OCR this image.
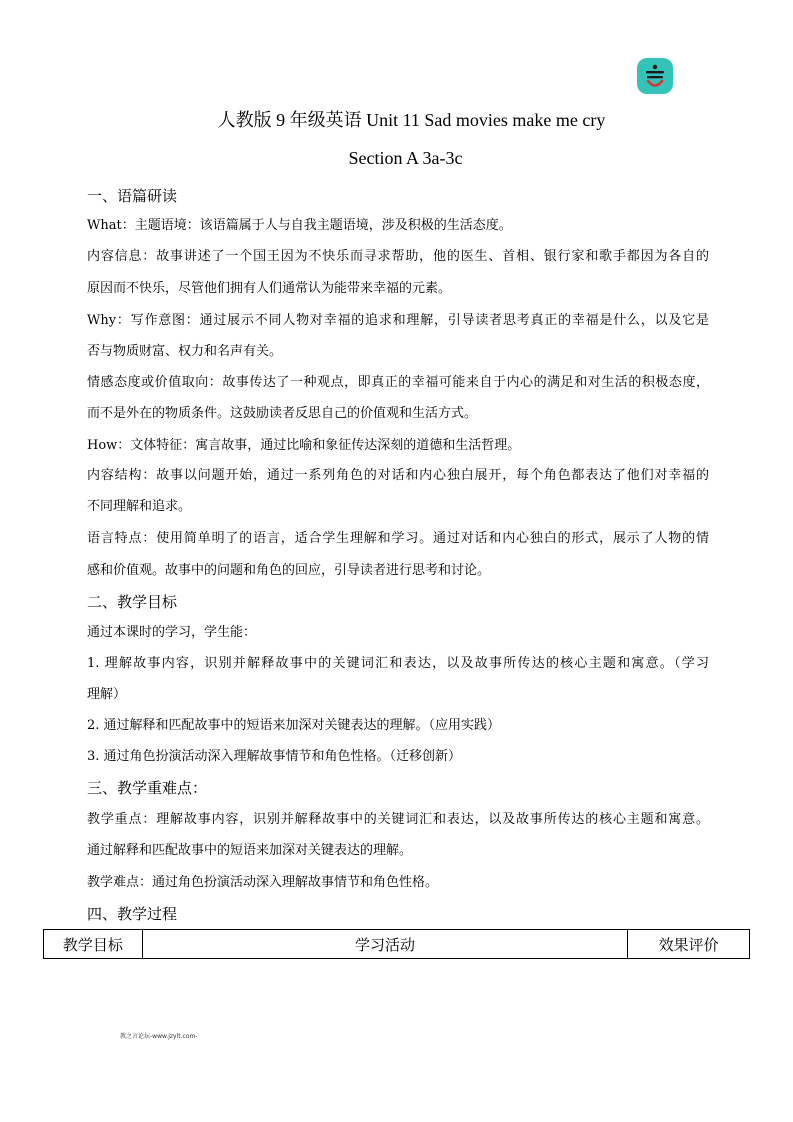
人教版 9 年级英语 Unit 11 Sad movies make me cry
Section A 3a-3c
一、语篇研读
What：主题语境：该语篇属于人与自我主题语境，涉及积极的生活态度。
内容信息：故事讲述了一个国王因为不快乐而寻求帮助，他的医生、首相、银行家和歌手都因为各自的
原因而不快乐，尽管他们拥有人们通常认为能带来幸福的元素。
Why：写作意图：通过展示不同人物对幸福的追求和理解，引导读者思考真正的幸福是什么，以及它是
否与物质财富、权力和名声有关。
情感态度或价值取向：故事传达了一种观点，即真正的幸福可能来自于内心的满足和对生活的积极态度，
而不是外在的物质条件。这鼓励读者反思自己的价值观和生活方式。
How：文体特征：寓言故事，通过比喻和象征传达深刻的道德和生活哲理。
内容结构：故事以问题开始，通过一系列角色的对话和内心独白展开，每个角色都表达了他们对幸福的
不同理解和追求。
语言特点：使用简单明了的语言，适合学生理解和学习。通过对话和内心独白的形式，展示了人物的情
感和价值观。故事中的问题和角色的回应，引导读者进行思考和讨论。
二、教学目标
通过本课时的学习，学生能：
1. 理解故事内容，识别并解释故事中的关键词汇和表达，以及故事所传达的核心主题和寓意。（学习
理解）
2. 通过解释和匹配故事中的短语来加深对关键表达的理解。（应用实践）
3. 通过角色扮演活动深入理解故事情节和角色性格。（迁移创新）
三、教学重难点：
教学重点：理解故事内容，识别并解释故事中的关键词汇和表达，以及故事所传达的核心主题和寓意。
通过解释和匹配故事中的短语来加深对关键表达的理解。
教学难点：通过角色扮演活动深入理解故事情节和角色性格。
四、教学过程
教学目标	学习活动	效果评价
教之言论坛-www.jzylt.com-
